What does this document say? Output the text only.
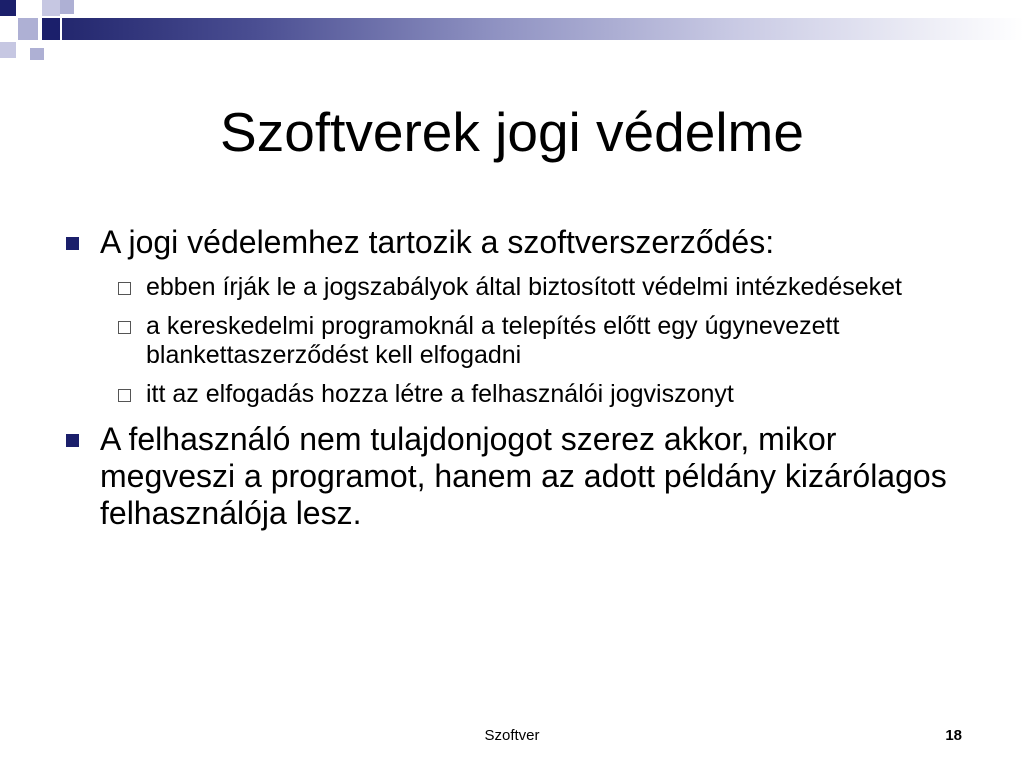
Szoftverek jogi védelme
A jogi védelemhez tartozik a szoftverszerződés:
ebben írják le a jogszabályok által biztosított védelmi intézkedéseket
a kereskedelmi programoknál a telepítés előtt egy úgynevezett blankettaszerződést kell elfogadni
itt az elfogadás hozza létre a felhasználói jogviszonyt
A felhasználó nem tulajdonjogot szerez akkor, mikor megveszi a programot, hanem az adott példány kizárólagos felhasználója lesz.
Szoftver	18
